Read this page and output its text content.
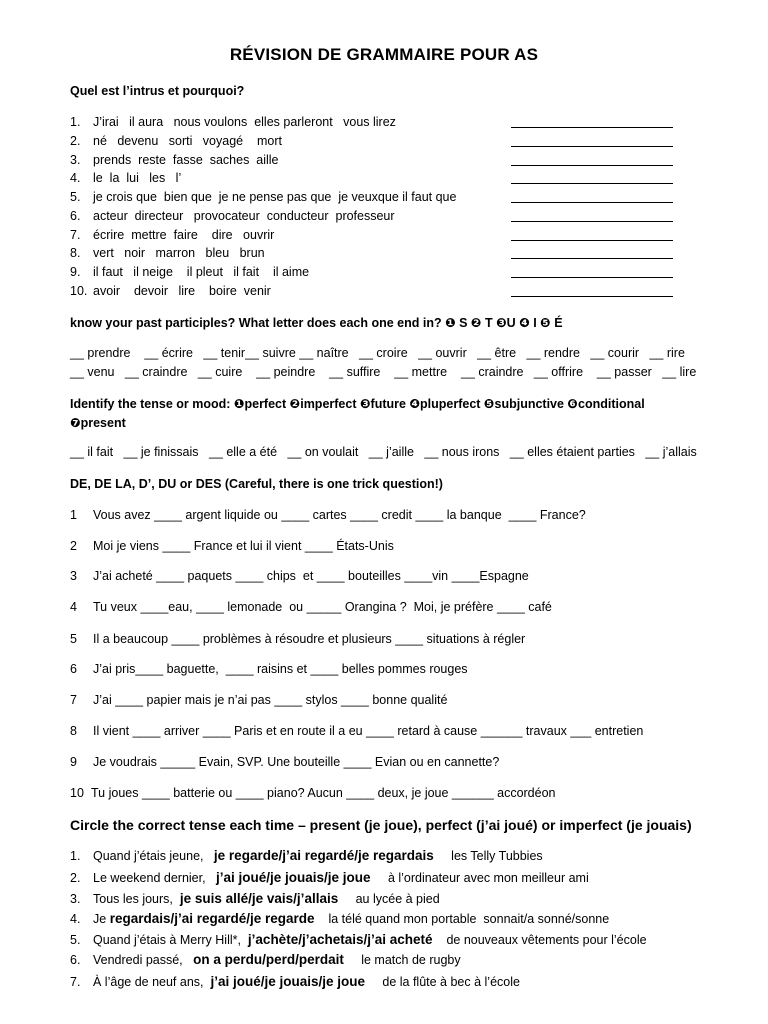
RÉVISION DE GRAMMAIRE POUR AS
Quel est l’intrus et pourquoi?
1. J’irai   il aura   nous voulons  elles parleront   vous lirez
2. né   devenu   sorti   voyagé    mort
3. prends  reste  fasse  saches  aille
4. le  la  lui   les   l’
5. je crois que  bien que  je ne pense pas que  je veuxque il faut que
6. acteur  directeur   provocateur  conducteur  professeur
7. écrire  mettre  faire    dire   ouvrir
8. vert   noir   marron   bleu   brun
9. il faut   il neige    il pleut   il fait    il aime
10. avoir    devoir   lire    boire  venir
know your past participles? What letter does each one end in? ❶ S ❷ T ❸U ❹ I ❺ É
__ prendre    __ écrire   __ tenir__ suivre __ naître   __ croire   __ ouvrir   __ être   __ rendre   __ courir   __ rire
__ venu   __ craindre   __ cuire    __ peindre    __ suffire    __ mettre    __ craindre   __ offrire    __ passer   __ lire
Identify the tense or mood: ❶perfect ❷imperfect ❸future ❹pluperfect ❺subjunctive ❻conditional
❼present
__ il fait   __ je finissais   __ elle a été   __ on voulait   __ j’aille   __ nous irons   __ elles étaient parties   __ j’allais
DE, DE LA, D’, DU or DES (Careful, there is one trick question!)
1 Vous avez ____ argent liquide ou ____ cartes ____ credit ____ la banque  ____ France?
2 Moi je viens ____ France et lui il vient ____ États-Unis
3 J’ai acheté ____ paquets ____ chips  et ____ bouteilles ____vin ____Espagne
4 Tu veux ____eau, ____ lemonade  ou _____ Orangina ?  Moi, je préfère ____ café
5 Il a beaucoup ____ problèmes à résoudre et plusieurs ____ situations à régler
6 J’ai pris____ baguette,  ____ raisins et ____ belles pommes rouges
7 J’ai ____ papier mais je n’ai pas ____ stylos ____ bonne qualité
8 Il vient ____ arriver ____ Paris et en route il a eu ____ retard à cause ______ travaux ___ entretien
9 Je voudrais _____ Evain, SVP. Une bouteille ____ Evian ou en cannette?
10 Tu joues ____ batterie ou ____ piano? Aucun ____ deux, je joue ______ accordéon
Circle the correct tense each time – present (je joue), perfect (j’ai joué) or imperfect (je jouais)
1. Quand j’étais jeune, je regarde/j’ai regardé/je regardais les Telly Tubbies
2. Le weekend dernier, j’ai joué/je jouais/je joue à l’ordinateur avec mon meilleur ami
3. Tous les jours, je suis allé/je vais/j’allais au lycée à pied
4. Je regardais/j’ai regardé/je regarde la télé quand mon portable  sonnait/a sonné/sonne
5. Quand j’étais à Merry Hill*, j’achète/j’achetais/j’ai acheté de nouveaux vêtements pour l’école
6. Vendredi passé, on a perdu/perd/perdait le match de rugby
7. À l’âge de neuf ans, j’ai joué/je jouais/je joue de la flûte à bec à l’école
